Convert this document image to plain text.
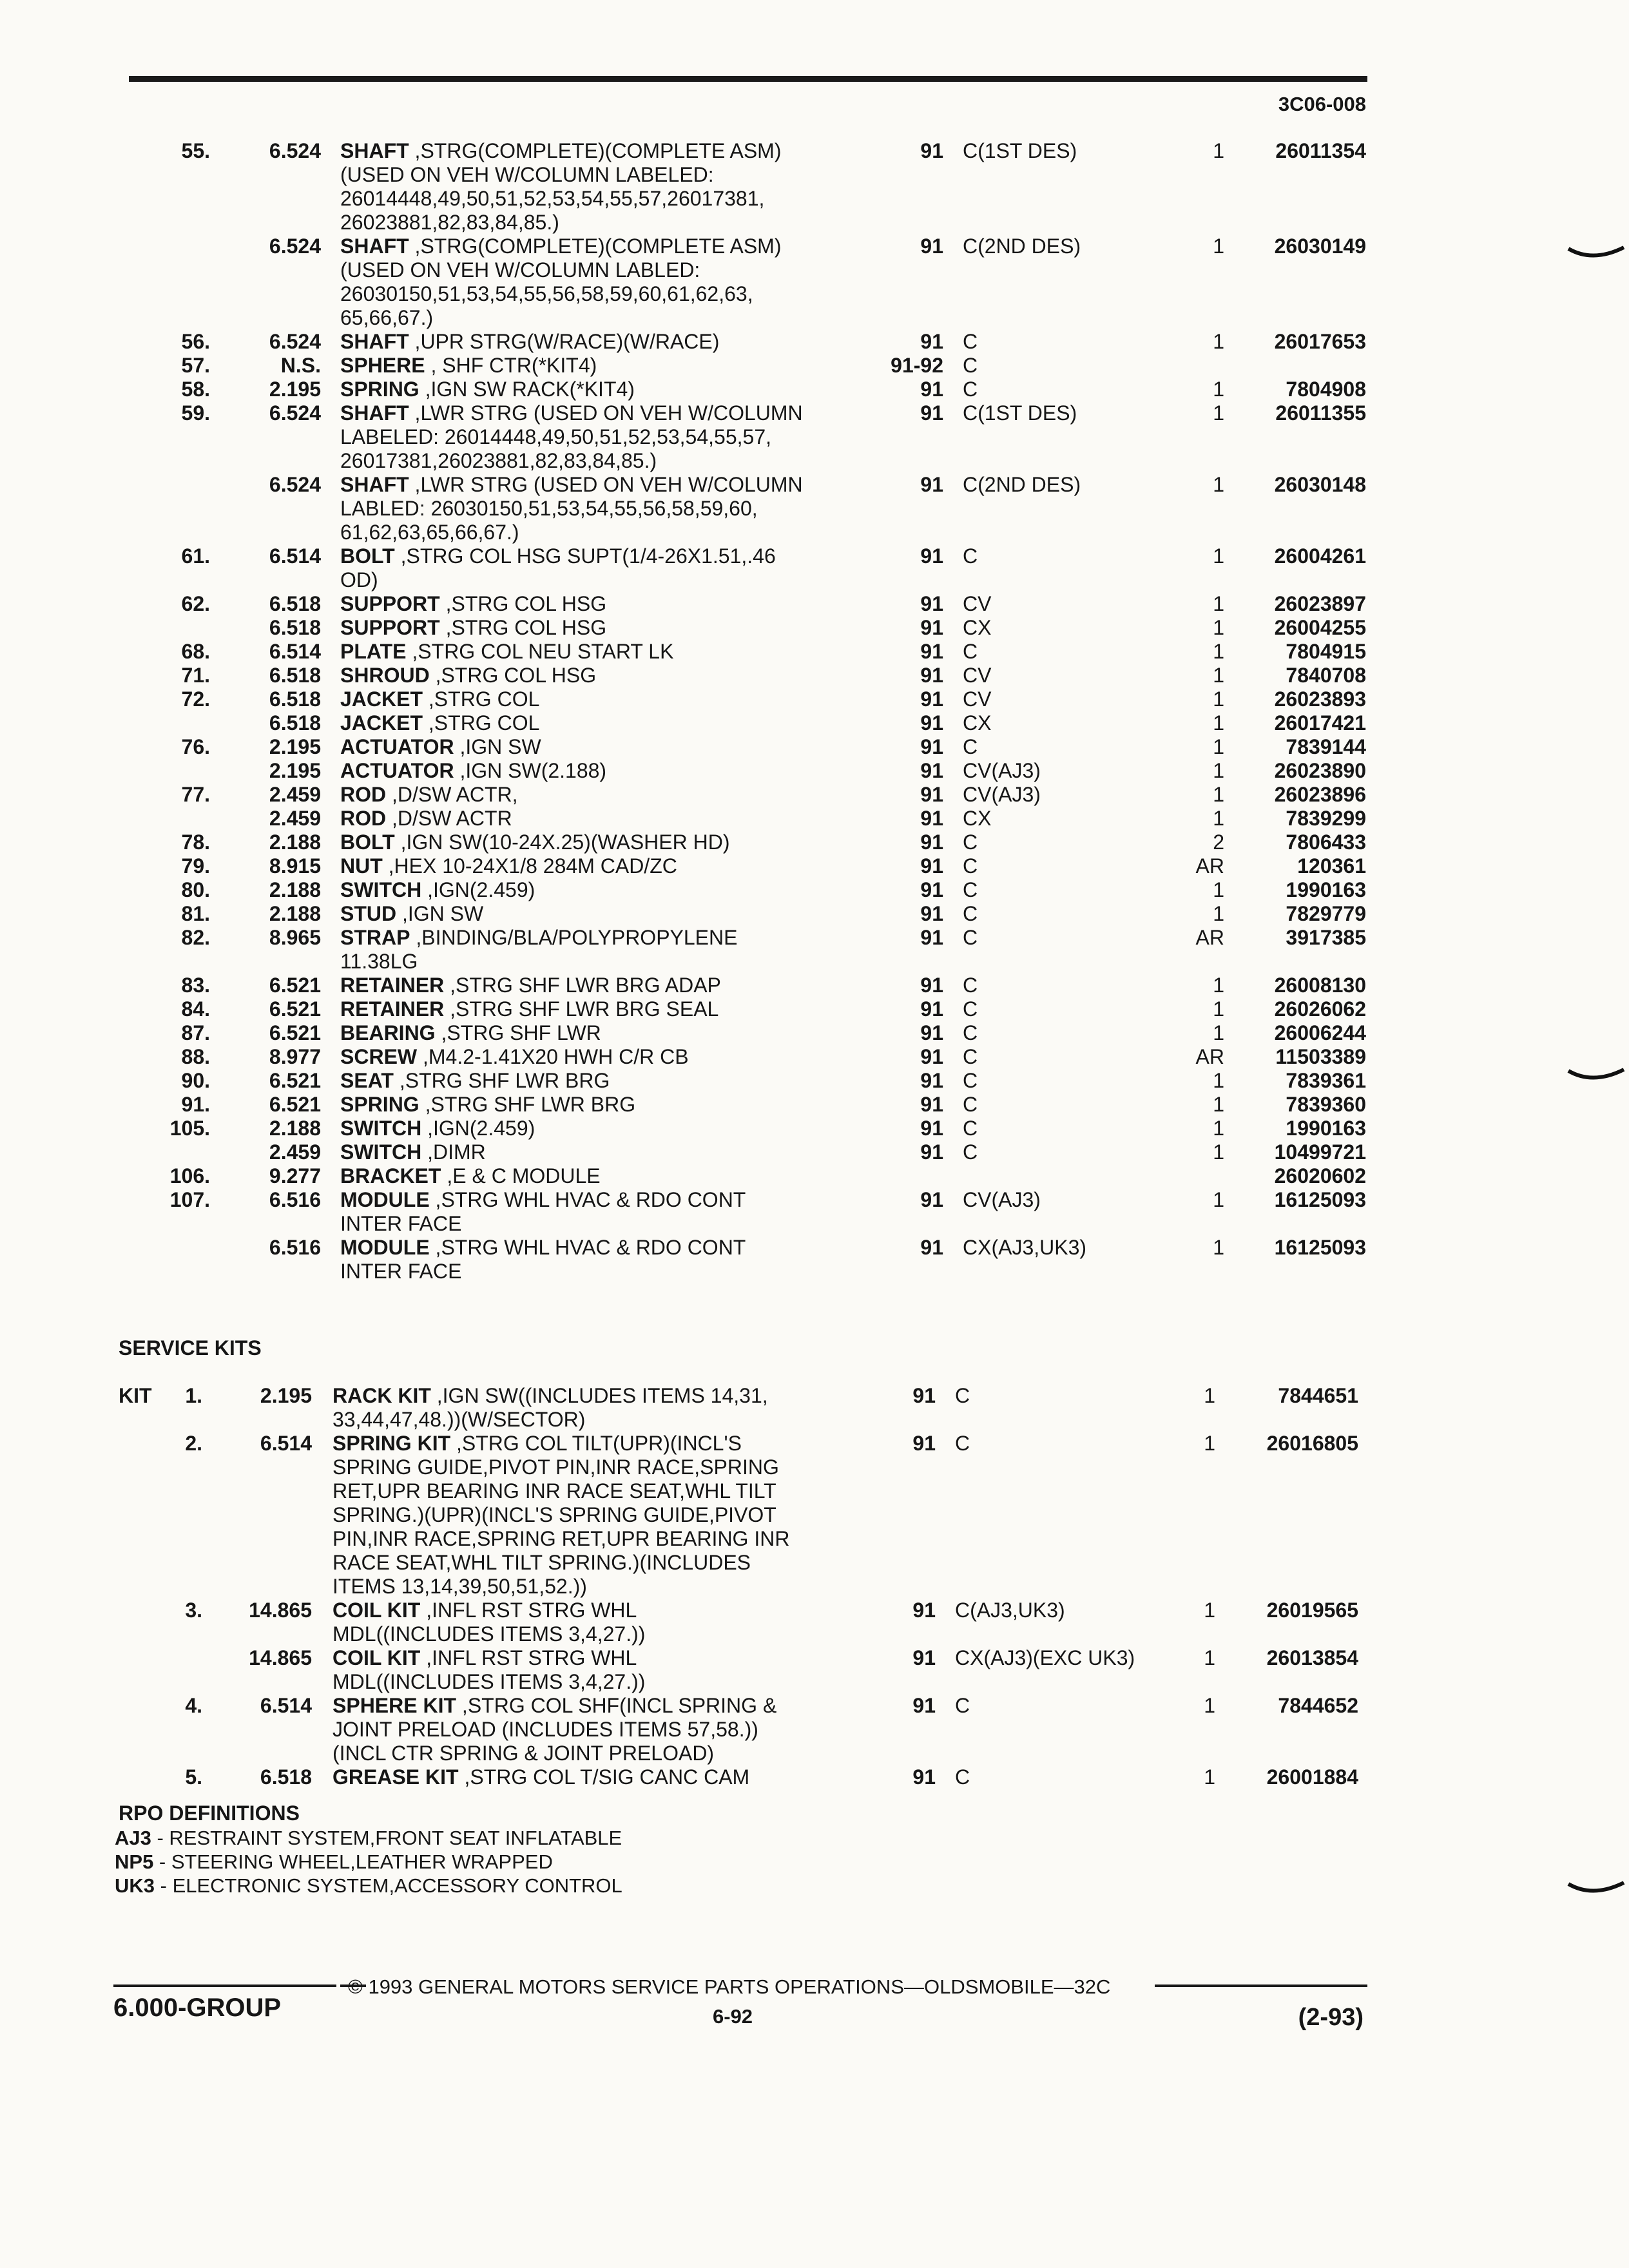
3C06-008
55.	6.524 SHAFT ,STRG(COMPLETE)(COMPLETE ASM)	91 C(1ST DES)	1 26011354
(USED ON VEH W/COLUMN LABELED:
26014448,49,50,51,52,53,54,55,57,26017381,
26023881,82,83,84,85.)
6.524 SHAFT ,STRG(COMPLETE)(COMPLETE ASM)	91 C(2ND DES)	1 26030149
(USED ON VEH W/COLUMN LABLED:
26030150,51,53,54,55,56,58,59,60,61,62,63,
65,66,67.)
56.	6.524 SHAFT ,UPR STRG(W/RACE)(W/RACE)	91 C	1 26017653
57.	N.S. SPHERE , SHF CTR(*KIT4)	91-92 C
58.	2.195 SPRING ,IGN SW RACK(*KIT4)	91 C	1	7804908
59.	6.524 SHAFT ,LWR STRG (USED ON VEH W/COLUMN	91 C(1ST DES)	1 26011355
LABELED: 26014448,49,50,51,52,53,54,55,57,
26017381,26023881,82,83,84,85.)
6.524 SHAFT ,LWR STRG (USED ON VEH W/COLUMN	91 C(2ND DES)	1 26030148
LABLED: 26030150,51,53,54,55,56,58,59,60,
61,62,63,65,66,67.)
61.	6.514 BOLT ,STRG COL HSG SUPT(1/4-26X1.51,.46	91 C	1 26004261
OD)
62.	6.518 SUPPORT ,STRG COL HSG	91 CV	1 26023897
6.518 SUPPORT ,STRG COL HSG	91 CX	1 26004255
68.	6.514 PLATE ,STRG COL NEU START LK	91 C	1	7804915
71.	6.518 SHROUD ,STRG COL HSG	91 CV	1	7840708
72.	6.518 JACKET ,STRG COL	91 CV	1 26023893
6.518 JACKET ,STRG COL	91 CX	1 26017421
76.	2.195 ACTUATOR ,IGN SW	91 C	1	7839144
2.195 ACTUATOR ,IGN SW(2.188)	91 CV(AJ3)	1 26023890
77.	2.459 ROD ,D/SW ACTR,	91 CV(AJ3)	1 26023896
2.459 ROD ,D/SW ACTR	91 CX	1	7839299
78.	2.188 BOLT ,IGN SW(10-24X.25)(WASHER HD)	91 C	2	7806433
79.	8.915 NUT ,HEX 10-24X1/8 284M CAD/ZC	91 C	AR	120361
80.	2.188 SWITCH ,IGN(2.459)	91 C	1	1990163
81.	2.188 STUD ,IGN SW	91 C	1	7829779
82.	8.965 STRAP ,BINDING/BLA/POLYPROPYLENE	91 C	AR	3917385
11.38LG
83.	6.521 RETAINER ,STRG SHF LWR BRG ADAP	91 C	1 26008130
84.	6.521 RETAINER ,STRG SHF LWR BRG SEAL	91 C	1 26026062
87.	6.521 BEARING ,STRG SHF LWR	91 C	1 26006244
88.	8.977 SCREW ,M4.2-1.41X20 HWH C/R CB	91 C	AR 11503389
90.	6.521 SEAT ,STRG SHF LWR BRG	91 C	1	7839361
91.	6.521 SPRING ,STRG SHF LWR BRG	91 C	1	7839360
105.	2.188 SWITCH ,IGN(2.459)	91 C	1	1990163
2.459 SWITCH ,DIMR	91 C	1 10499721
106.	9.277 BRACKET ,E & C MODULE	26020602
107.	6.516 MODULE ,STRG WHL HVAC & RDO CONT	91 CV(AJ3)	1 16125093
INTER FACE
6.516 MODULE ,STRG WHL HVAC & RDO CONT	91 CX(AJ3,UK3)	1 16125093
INTER FACE
SERVICE KITS
KIT 1.	2.195 RACK KIT ,IGN SW((INCLUDES ITEMS 14,31,	91 C	1	7844651
33,44,47,48.))(W/SECTOR)
2.	6.514 SPRING KIT ,STRG COL TILT(UPR)(INCL'S	91 C	1 26016805
SPRING GUIDE,PIVOT PIN,INR RACE,SPRING
RET,UPR BEARING INR RACE SEAT,WHL TILT
SPRING.)(UPR)(INCL'S SPRING GUIDE,PIVOT
PIN,INR RACE,SPRING RET,UPR BEARING INR
RACE SEAT,WHL TILT SPRING.)(INCLUDES
ITEMS 13,14,39,50,51,52.))
3. 14.865 COIL KIT ,INFL RST STRG WHL	91 C(AJ3,UK3)	1 26019565
MDL((INCLUDES ITEMS 3,4,27.))
14.865 COIL KIT ,INFL RST STRG WHL	91 CX(AJ3)(EXC UK3)	1 26013854
MDL((INCLUDES ITEMS 3,4,27.))
4.	6.514 SPHERE KIT ,STRG COL SHF(INCL SPRING &	91 C	1	7844652
JOINT PRELOAD (INCLUDES ITEMS 57,58.))
(INCL CTR SPRING & JOINT PRELOAD)
5.	6.518 GREASE KIT ,STRG COL T/SIG CANC CAM	91 C	1 26001884
RPO DEFINITIONS
AJ3 - RESTRAINT SYSTEM,FRONT SEAT INFLATABLE
NP5 - STEERING WHEEL,LEATHER WRAPPED
UK3 - ELECTRONIC SYSTEM,ACCESSORY CONTROL
© 1993 GENERAL MOTORS SERVICE PARTS OPERATIONS—OLDSMOBILE—32C
6.000-GROUP	6-92	(2-93)
